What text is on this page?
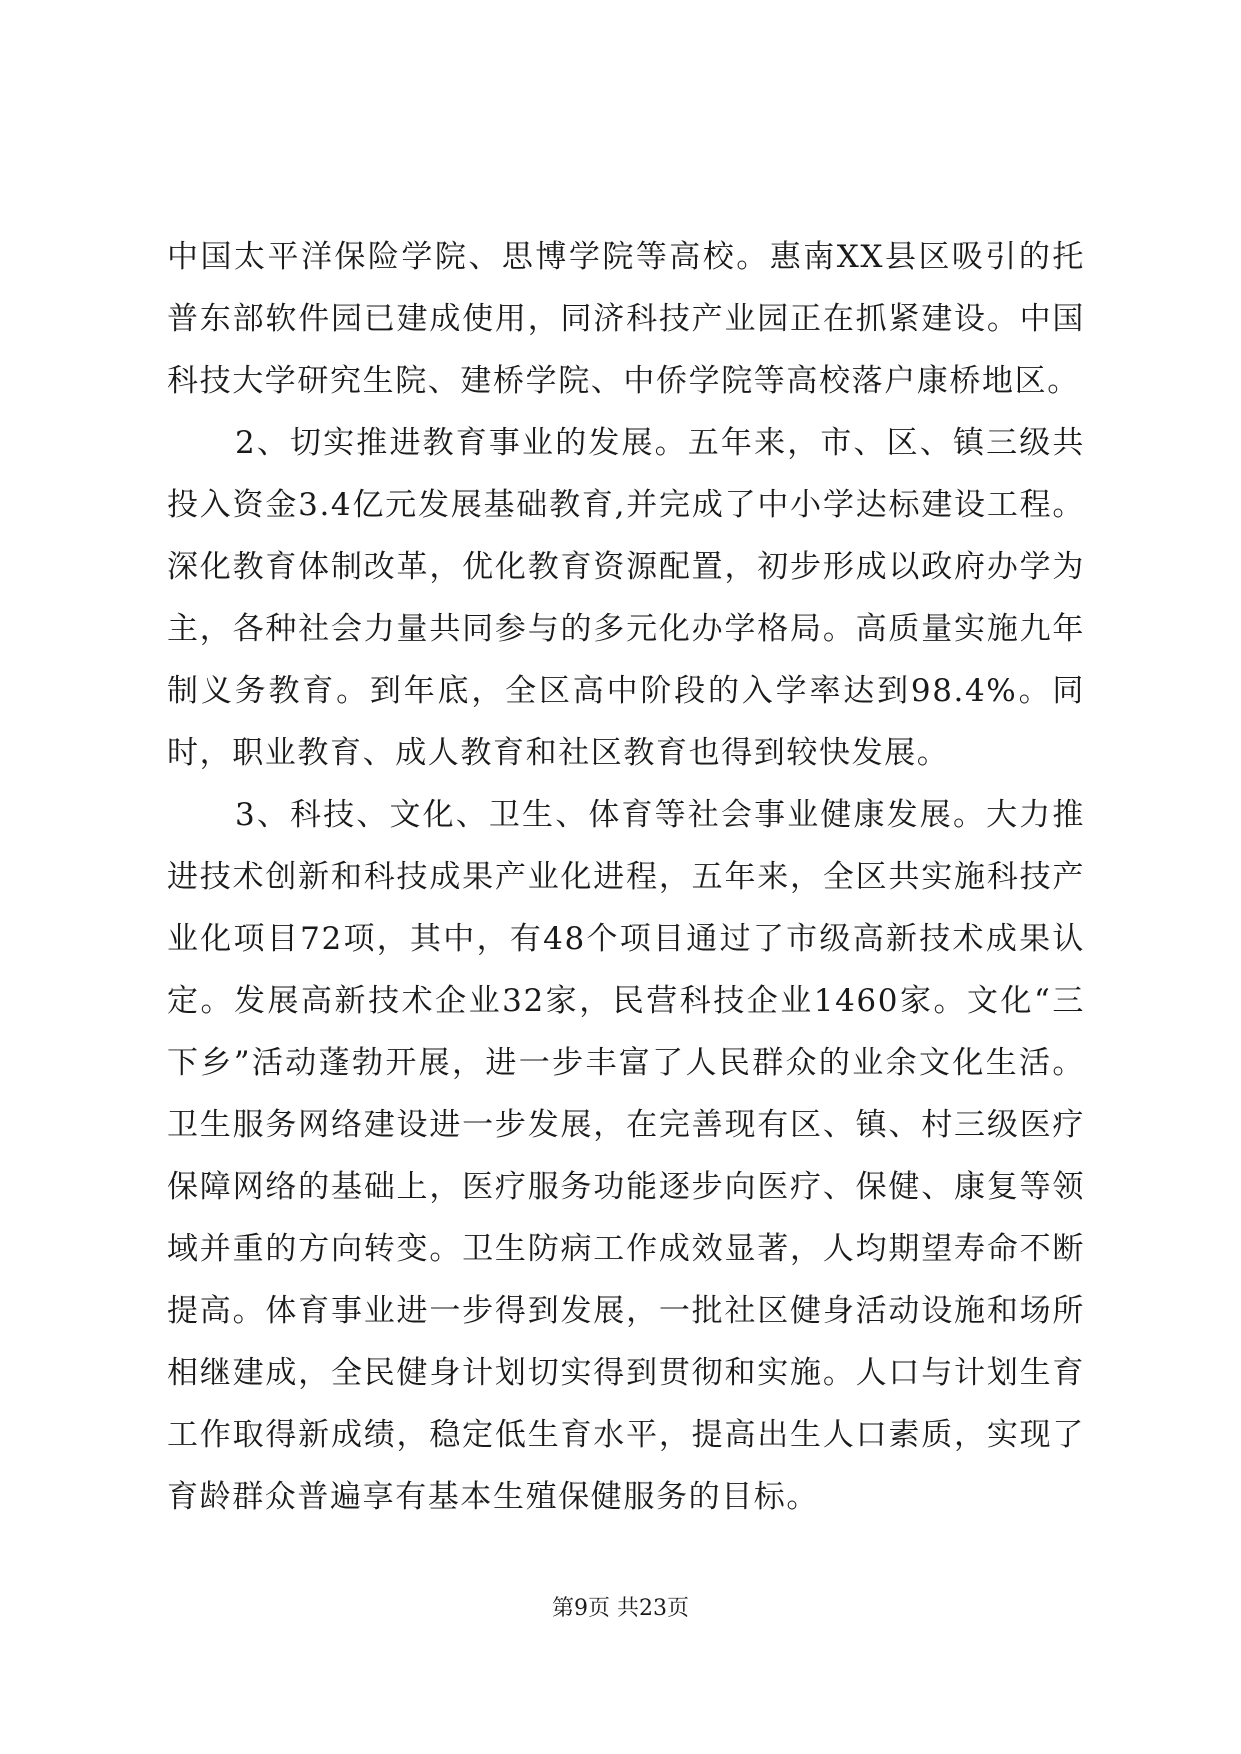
中国太平洋保险学院、思博学院等高校。惠南XX县区吸引的托普东部软件园已建成使用，同济科技产业园正在抓紧建设。中国科技大学研究生院、建桥学院、中侨学院等高校落户康桥地区。

2、切实推进教育事业的发展。五年来，市、区、镇三级共投入资金3.4亿元发展基础教育,并完成了中小学达标建设工程。深化教育体制改革，优化教育资源配置，初步形成以政府办学为主，各种社会力量共同参与的多元化办学格局。高质量实施九年制义务教育。到年底，全区高中阶段的入学率达到98.4%。同时，职业教育、成人教育和社区教育也得到较快发展。

3、科技、文化、卫生、体育等社会事业健康发展。大力推进技术创新和科技成果产业化进程，五年来，全区共实施科技产业化项目72项，其中，有48个项目通过了市级高新技术成果认定。发展高新技术企业32家，民营科技企业1460家。文化“三下乡”活动蓬勃开展，进一步丰富了人民群众的业余文化生活。卫生服务网络建设进一步发展，在完善现有区、镇、村三级医疗保障网络的基础上，医疗服务功能逐步向医疗、保健、康复等领域并重的方向转变。卫生防病工作成效显著，人均期望寿命不断提高。体育事业进一步得到发展，一批社区健身活动设施和场所相继建成，全民健身计划切实得到贯彻和实施。人口与计划生育工作取得新成绩，稳定低生育水平，提高出生人口素质，实现了育龄群众普遍享有基本生殖保健服务的目标。

第9页 共23页
